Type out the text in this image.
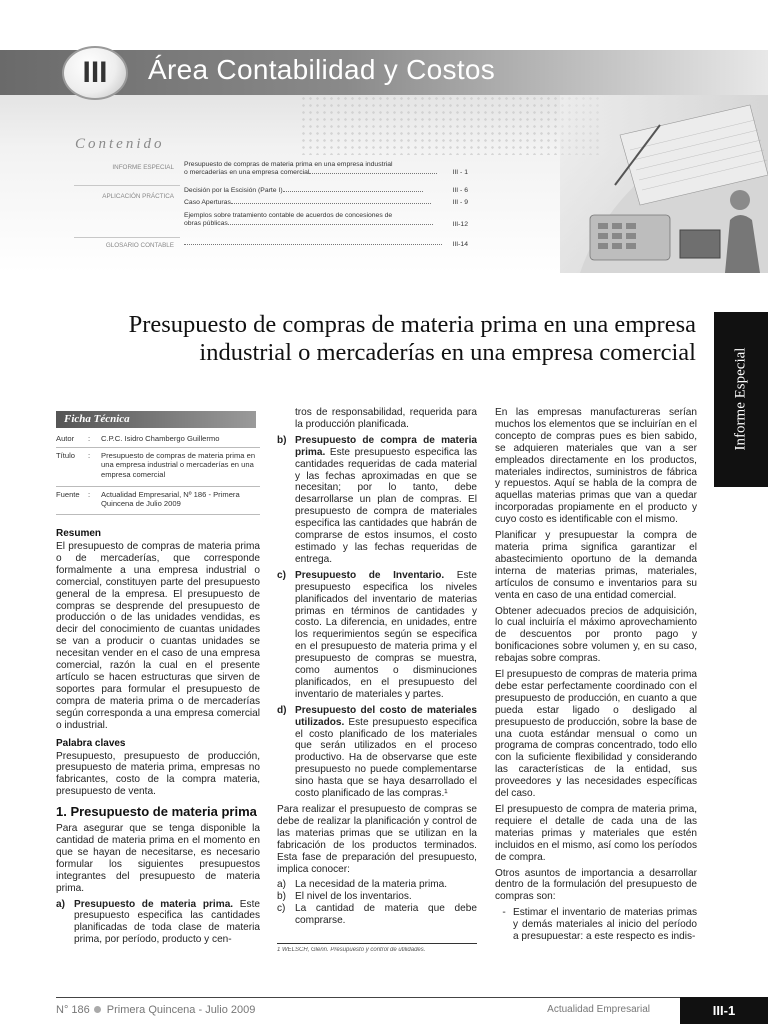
III	Área Contabilidad y Costos
Contenido
INFORME ESPECIAL Presupuesto de compras de materia prima en una empresa industrial
o mercaderías en una empresa comercial	III - 1
APLICACIÓN PRÁCTICA
Decisión por la Escisión (Parte I)	III - 6
Caso Aperturas	III - 9
Ejemplos sobre tratamiento contable de acuerdos de concesiones de
obras públicas	III-12
GLOSARIO CONTABLE	III-14
Presupuesto de compras de materia prima en una empresa industrial o mercaderías en una empresa comercial Informe Especial
Ficha Técnica
Autor	:	C.P.C. Isidro Chambergo Guillermo
Título	:	Presupuesto de compras de materia prima en una empresa industrial o mercaderías en una empresa comercial
Fuente	:	Actualidad Empresarial, Nº 186 - Primera Quincena de Julio 2009
Resumen

El presupuesto de compras de materia prima o de mercaderías, que corresponde formalmente a una empresa industrial o comercial, constituyen parte del presupuesto general de la empresa. El presupuesto de compras se desprende del presupuesto de producción o de las unidades vendidas, es decir del conocimiento de cuantas unidades se van a producir o cuantas unidades se necesitan vender en el caso de una empresa comercial, razón la cual en el presente artículo se hacen estructuras que sirven de soportes para formular el presupuesto de compra de materia prima o de mercaderías según corresponda a una empresa comercial o industrial.

Palabra claves

Presupuesto, presupuesto de producción, presupuesto de materia prima, empresas no fabricantes, costo de la compra materia, presupuesto de venta.

1. Presupuesto de materia prima

Para asegurar que se tenga disponible la cantidad de materia prima en el momento en que se hayan de necesitarse, es necesario formular los siguientes presupuestos integrantes del presupuesto de materia prima.

a) Presupuesto de materia prima. Este presupuesto especifica las cantidades planificadas de toda clase de materia prima, por período, producto y cen-

tros de responsabilidad, requerida para la producción planificada.

b) Presupuesto de compra de materia prima. Este presupuesto especifica las cantidades requeridas de cada material y las fechas aproximadas en que se necesitan; por lo tanto, debe desarrollarse un plan de compras. El presupuesto de compra de materiales especifica las cantidades que habrán de comprarse de estos insumos, el costo estimado y las fechas requeridas de entrega.
c) Presupuesto de Inventario. Este presupuesto especifica los niveles planificados del inventario de materias primas en términos de cantidades y costo. La diferencia, en unidades, entre los requerimientos según se especifica en el presupuesto de materia prima y el presupuesto de compras se muestra, como aumentos o disminuciones planificados, en el presupuesto del inventario de materiales y partes.
d) Presupuesto del costo de materiales utilizados. Este presupuesto especifica el costo planificado de los materiales que serán utilizados en el proceso productivo. Ha de observarse que este presupuesto no puede complementarse sino hasta que se haya desarrollado el costo planificado de las compras.¹

Para realizar el presupuesto de compras se debe de realizar la planificación y control de las materias primas que se utilizan en la fabricación de los productos terminados. Esta fase de preparación del presupuesto, implica conocer:

a) La necesidad de la materia prima.
b) El nivel de los inventarios.
c) La cantidad de materia que debe comprarse.
1 WELSCH, Glenn. Presupuesto y control de utilidades.

En las empresas manufactureras serían muchos los elementos que se incluirían en el concepto de compras pues es bien sabido, se adquieren materiales que van a ser empleados directamente en los productos, materiales indirectos, suministros de fábrica y repuestos. Aquí se habla de la compra de aquellas materias primas que van a quedar incorporadas propiamente en el producto y cuyo costo es identificable con el mismo.

Planificar y presupuestar la compra de materia prima significa garantizar el abastecimiento oportuno de la demanda interna de materias primas, materiales, artículos de consumo e inventarios para su venta en caso de una entidad comercial.

Obtener adecuados precios de adquisición, lo cual incluiría el máximo aprovechamiento de descuentos por pronto pago y bonificaciones sobre volumen y, en su caso, rebajas sobre compras.

El presupuesto de compras de materia prima debe estar perfectamente coordinado con el presupuesto de producción, en cuanto a que pueda estar ligado o desligado al presupuesto de producción, sobre la base de una cuota estándar mensual o como un programa de compras concentrado, todo ello con la suficiente flexibilidad y considerando las características de la entidad, sus proveedores y las necesidades específicas del caso.

El presupuesto de compra de materia prima, requiere el detalle de cada una de las materias primas y materiales que estén incluidos en el mismo, así como los períodos de compra.

Otros asuntos de importancia a desarrollar dentro de la formulación del presupuesto de compras son:

- Estimar el inventario de materias primas y demás materiales al inicio del período a presupuestar: a este respecto es indis-
N° 186 Primera Quincena - Julio 2009	Actualidad Empresarial	III-1
